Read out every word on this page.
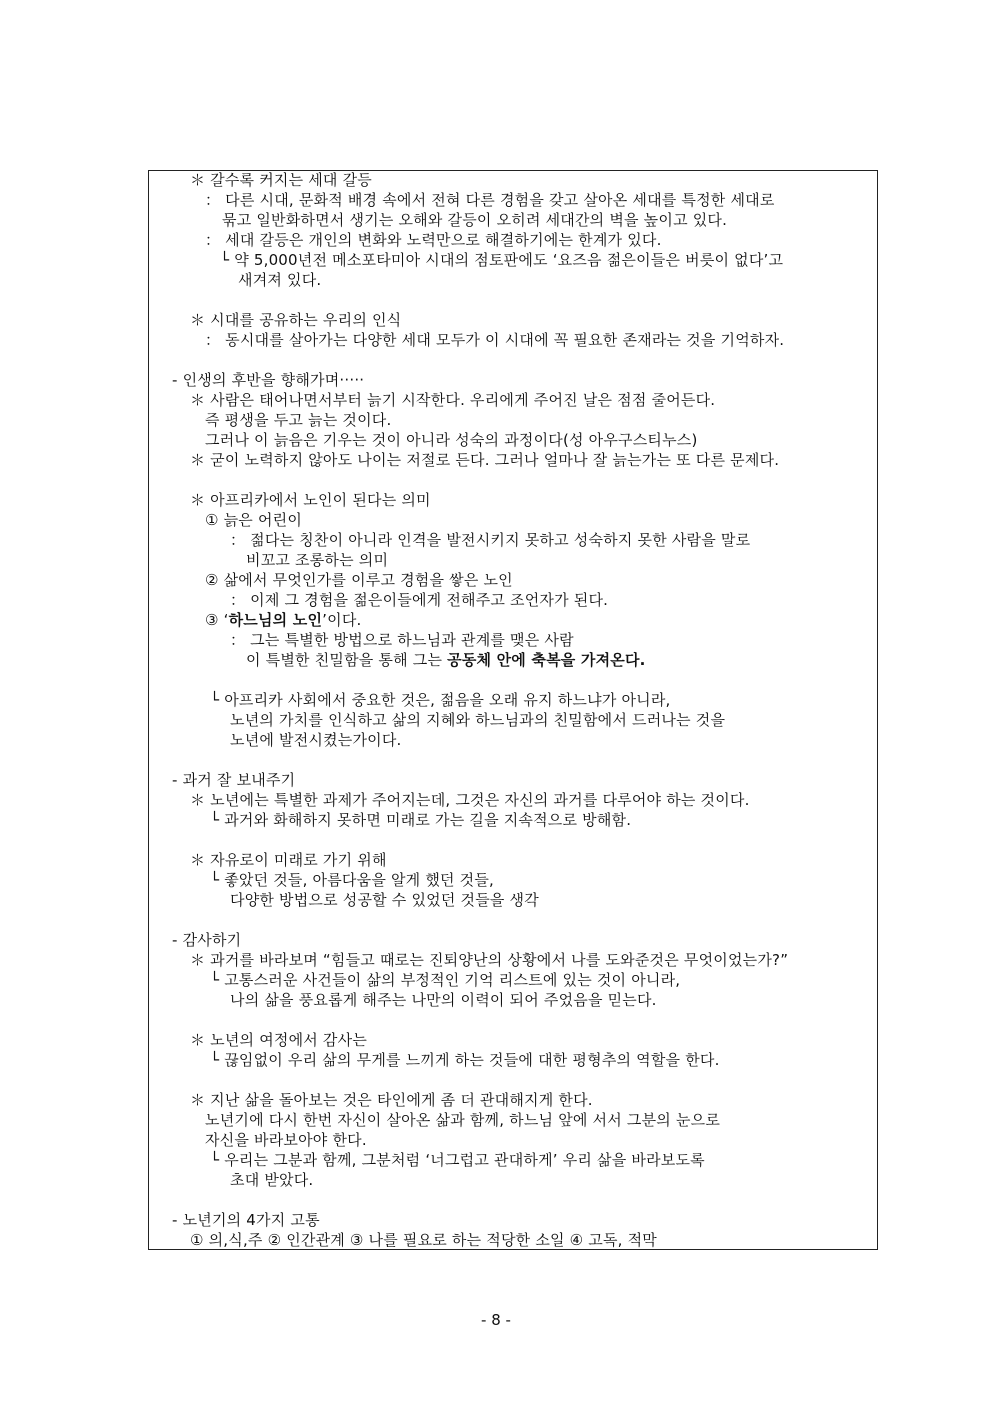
＊ 갈수록 커지는 세대 갈등
： 다른 시대, 문화적 배경 속에서 전혀 다른 경험을 갖고 살아온 세대를 특정한 세대로
묶고 일반화하면서 생기는 오해와 갈등이 오히려 세대간의 벽을 높이고 있다.
： 세대 갈등은 개인의 변화와 노력만으로 해결하기에는 한계가 있다.
└ 약 5,000년전 메소포타미아 시대의 점토판에도 ‘요즈음 젊은이들은 버릇이 없다’고
새겨져 있다.
＊ 시대를 공유하는 우리의 인식
： 동시대를 살아가는 다양한 세대 모두가 이 시대에 꼭 필요한 존재라는 것을 기억하자.
- 인생의 후반을 향해가며·····
＊ 사람은 태어나면서부터 늙기 시작한다. 우리에게 주어진 날은 점점 줄어든다.
즉 평생을 두고 늙는 것이다.
그러나 이 늙음은 기우는 것이 아니라 성숙의 과정이다(성 아우구스티누스)
＊ 굳이 노력하지 않아도 나이는 저절로 든다. 그러나 얼마나 잘 늙는가는 또 다른 문제다.
＊ 아프리카에서 노인이 된다는 의미
① 늙은 어린이
： 젊다는 칭찬이 아니라 인격을 발전시키지 못하고 성숙하지 못한 사람을 말로
비꼬고 조롱하는 의미
② 삶에서 무엇인가를 이루고 경험을 쌓은 노인
： 이제 그 경험을 젊은이들에게 전해주고 조언자가 된다.
③ ‘하느님의 노인’이다.
： 그는 특별한 방법으로 하느님과 관계를 맺은 사람
이 특별한 친밀함을 통해 그는 공동체 안에 축복을 가져온다.
└ 아프리카 사회에서 중요한 것은, 젊음을 오래 유지 하느냐가 아니라,
노년의 가치를 인식하고 삶의 지혜와 하느님과의 친밀함에서 드러나는 것을
노년에 발전시켰는가이다.
- 과거 잘 보내주기
＊ 노년에는 특별한 과제가 주어지는데, 그것은 자신의 과거를 다루어야 하는 것이다.
└ 과거와 화해하지 못하면 미래로 가는 길을 지속적으로 방해함.
＊ 자유로이 미래로 가기 위해
└ 좋았던 것들, 아름다움을 알게 했던 것들,
다양한 방법으로 성공할 수 있었던 것들을 생각
- 감사하기
＊ 과거를 바라보며 “힘들고 때로는 진퇴양난의 상황에서 나를 도와준것은 무엇이었는가?”
└ 고통스러운 사건들이 삶의 부정적인 기억 리스트에 있는 것이 아니라,
나의 삶을 풍요롭게 해주는 나만의 이력이 되어 주었음을 믿는다.
＊ 노년의 여정에서 감사는
└ 끊임없이 우리 삶의 무게를 느끼게 하는 것들에 대한 평형추의 역할을 한다.
＊ 지난 삶을 돌아보는 것은 타인에게 좀 더 관대해지게 한다.
노년기에 다시 한번 자신이 살아온 삶과 함께, 하느님 앞에 서서 그분의 눈으로
자신을 바라보아야 한다.
└ 우리는 그분과 함께, 그분처럼 ‘너그럽고 관대하게’ 우리 삶을 바라보도록
초대 받았다.
- 노년기의 4가지 고통
① 의,식,주 ② 인간관계 ③ 나를 필요로 하는 적당한 소일 ④ 고독, 적막
- 8 -
